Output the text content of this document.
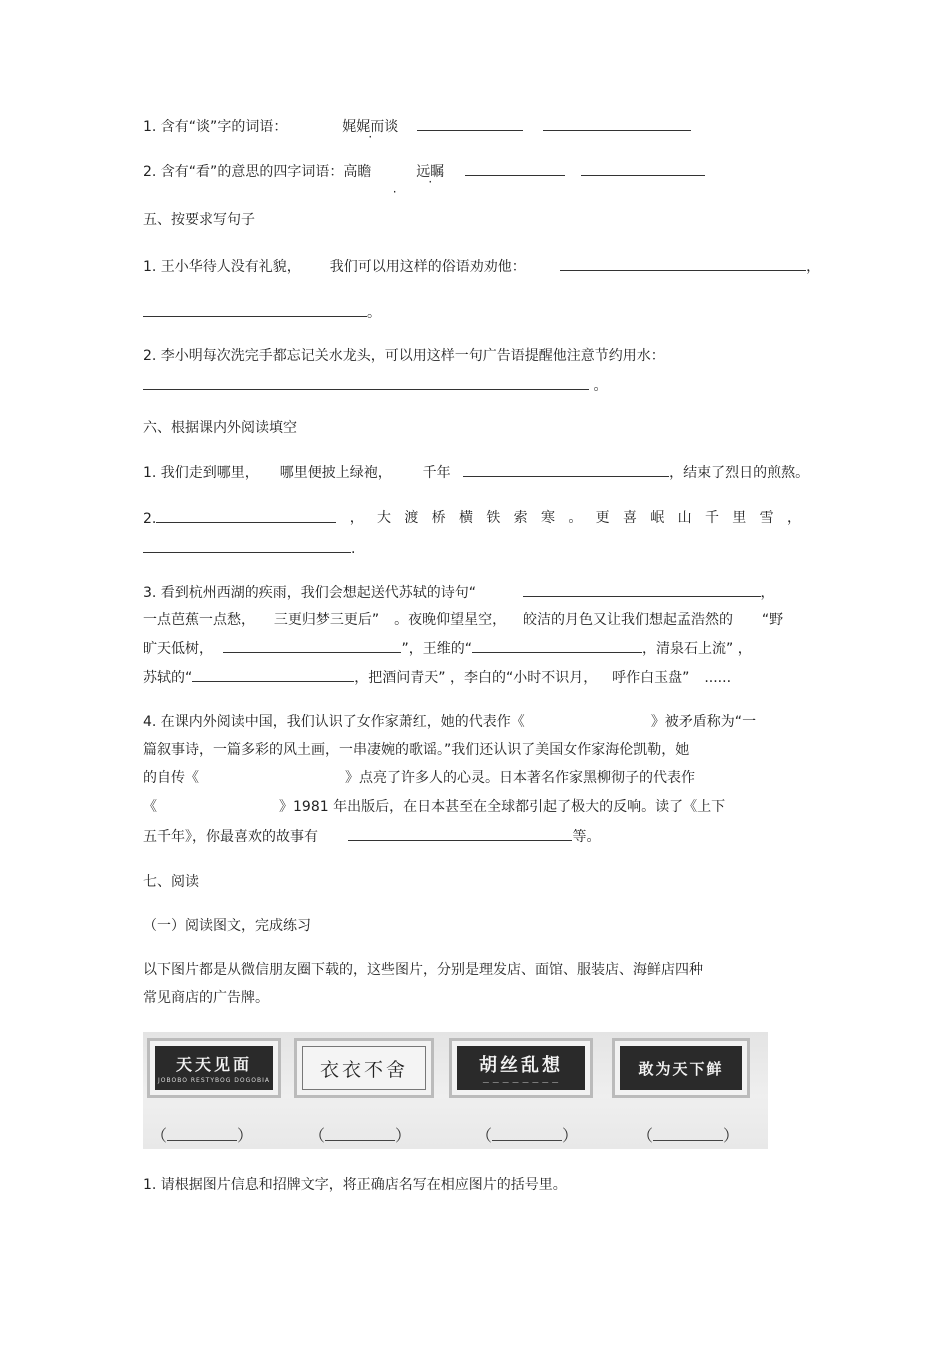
1. 含有“谈”字的词语：	娓娓而谈
2. 含有“看”的意思的四字词语：高瞻
·
远瞩
五、按要求写句子
1. 王小华待人没有礼貌， 我们可以用这样的俗语劝劝他：	，
。
2. 李小明每次洗完手都忘记关水龙头，可以用这样一句广告语提醒他注意节约用水：
。
六、根据课内外阅读填空
1. 我们走到哪里， 哪里便披上绿袍， 千年	，结束了烈日的煎熬。
2.	， 大 渡 桥 横 铁 索 寒 。 更 喜 岷 山 千 里 雪 ，
.
3. 看到杭州西湖的疾雨，我们会想起送代苏轼的诗句“	，
一点芭蕉一点愁， 三更归梦三更后” 。夜晚仰望星空， 皎洁的月色又让我们想起孟浩然的 “野
旷天低树，	”，王维的“	，清泉石上流” ，
苏轼的“	，把酒问青天” ，李白的“小时不识月， 呼作白玉盘” ......
4. 在课内外阅读中国，我们认识了女作家萧红，她的代表作《	》被矛盾称为“一
篇叙事诗，一篇多彩的风土画，一串凄婉的歌谣。”我们还认识了美国女作家海伦凯勒，她
的自传《	》点亮了许多人的心灵。日本著名作家黑柳彻子的代表作
《	》1981 年出版后，在日本甚至在全球都引起了极大的反响。读了《上下
五千年》，你最喜欢的故事有	等。
七、阅读
（一）阅读图文，完成练习
以下图片都是从微信朋友圈下载的，这些图片，分别是理发店、面馆、服装店、海鲜店四种
常见商店的广告牌。
天天见面
JOBOBO RESTYBOG DOGOBIA	衣衣不舍	胡丝乱想
― ― ― ― ― ― ― ―
敢为天下鲜
（	）	（	）	（	）	（	）
1. 请根据图片信息和招牌文字，将正确店名写在相应图片的括号里。
